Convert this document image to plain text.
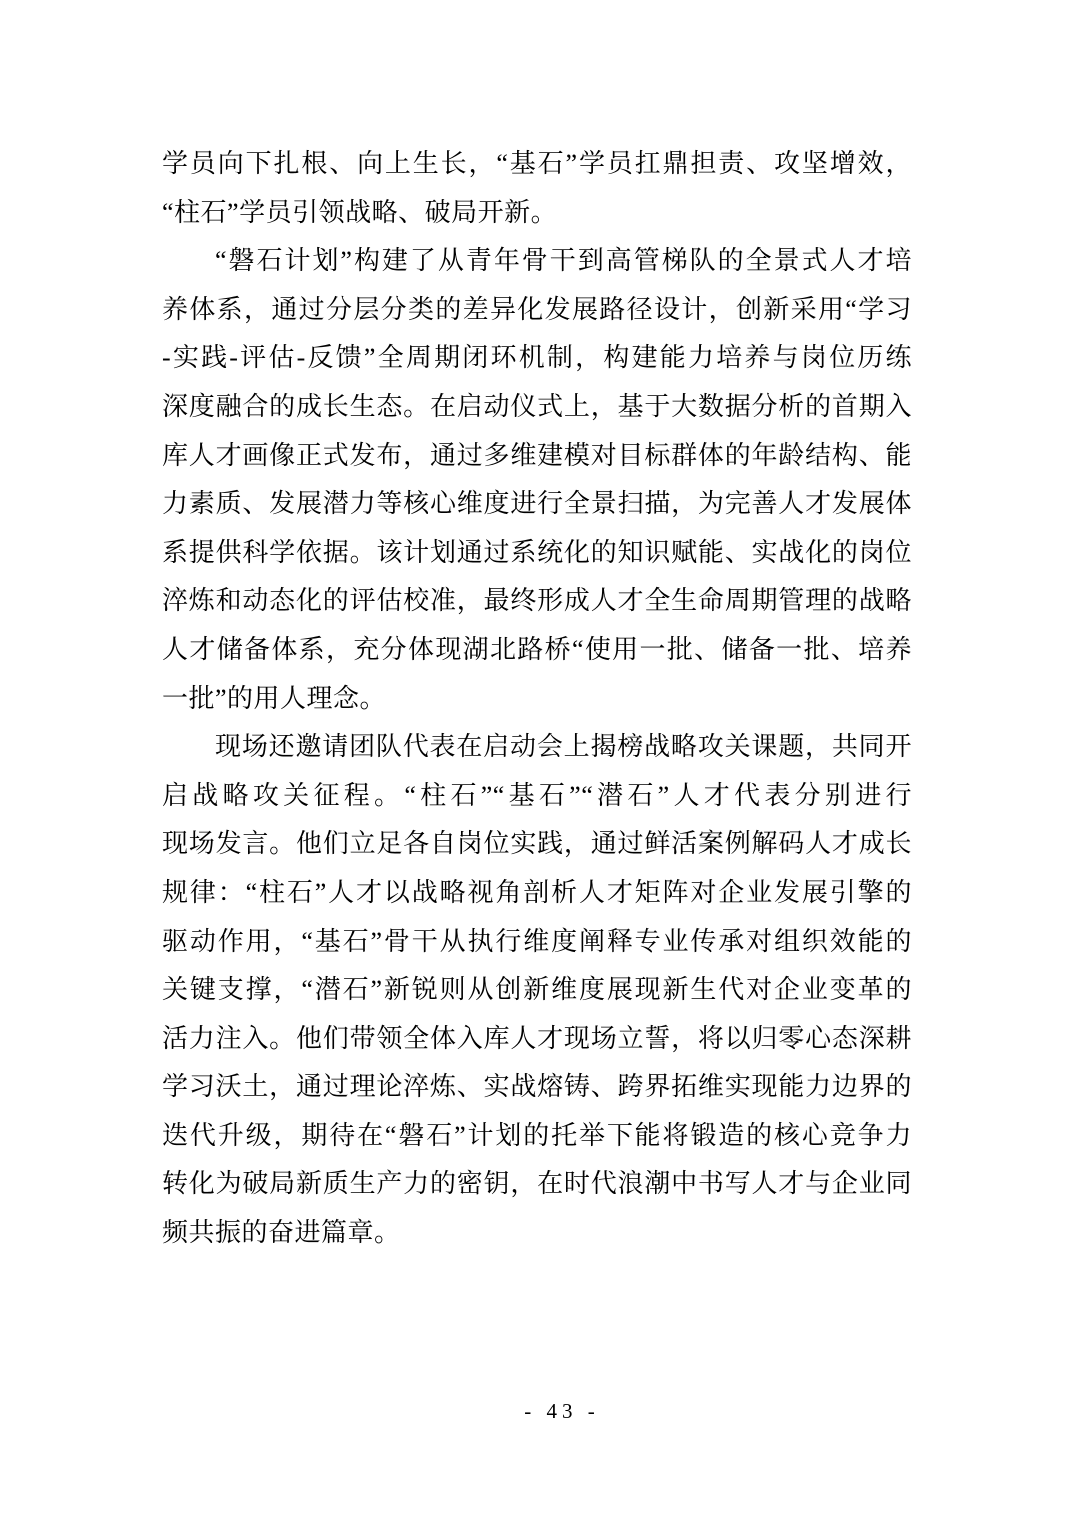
学员向下扎根、向上生长，“基石”学员扛鼎担责、攻坚增效，
“柱石”学员引领战略、破局开新。
“磐石计划”构建了从青年骨干到高管梯队的全景式人才培
养体系，通过分层分类的差异化发展路径设计，创新采用“学习
-实践-评估-反馈”全周期闭环机制，构建能力培养与岗位历练
深度融合的成长生态。在启动仪式上，基于大数据分析的首期入
库人才画像正式发布，通过多维建模对目标群体的年龄结构、能
力素质、发展潜力等核心维度进行全景扫描，为完善人才发展体
系提供科学依据。该计划通过系统化的知识赋能、实战化的岗位
淬炼和动态化的评估校准，最终形成人才全生命周期管理的战略
人才储备体系，充分体现湖北路桥“使用一批、储备一批、培养
一批”的用人理念。
现场还邀请团队代表在启动会上揭榜战略攻关课题，共同开
启战略攻关征程。“柱石”“基石”“潜石”人才代表分别进行
现场发言。他们立足各自岗位实践，通过鲜活案例解码人才成长
规律：“柱石”人才以战略视角剖析人才矩阵对企业发展引擎的
驱动作用，“基石”骨干从执行维度阐释专业传承对组织效能的
关键支撑，“潜石”新锐则从创新维度展现新生代对企业变革的
活力注入。他们带领全体入库人才现场立誓，将以归零心态深耕
学习沃土，通过理论淬炼、实战熔铸、跨界拓维实现能力边界的
迭代升级，期待在“磐石”计划的托举下能将锻造的核心竞争力
转化为破局新质生产力的密钥，在时代浪潮中书写人才与企业同
频共振的奋进篇章。
- 43 -
